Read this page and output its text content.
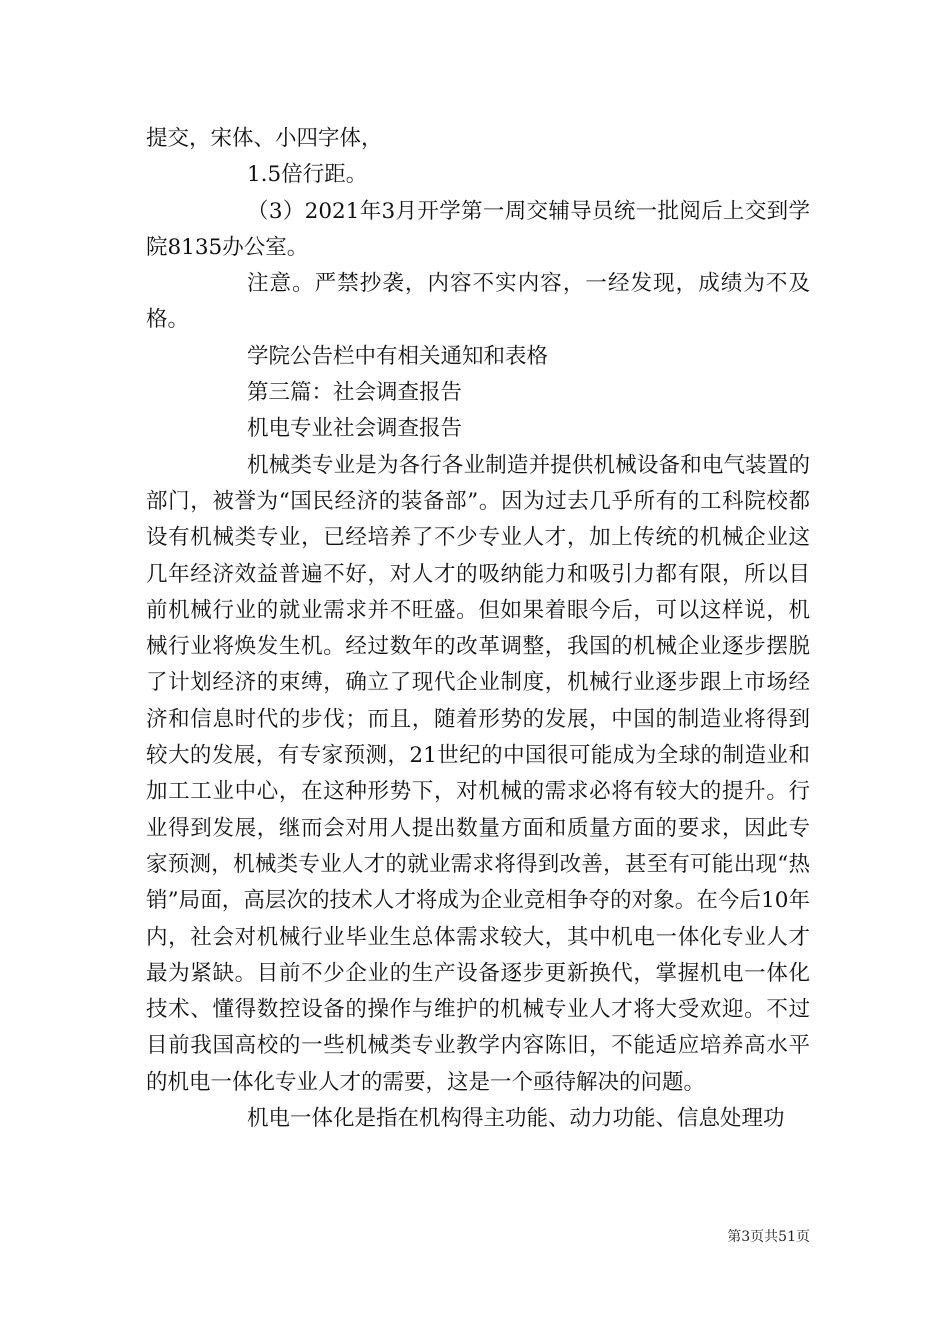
提交，宋体、小四字体，

1.5倍行距。

（3）2021年3月开学第一周交辅导员统一批阅后上交到学院8135办公室。

注意。严禁抄袭，内容不实内容，一经发现，成绩为不及格。

学院公告栏中有相关通知和表格

第三篇：社会调查报告

机电专业社会调查报告

机械类专业是为各行各业制造并提供机械设备和电气装置的部门，被誉为“国民经济的装备部”。因为过去几乎所有的工科院校都设有机械类专业，已经培养了不少专业人才，加上传统的机械企业这几年经济效益普遍不好，对人才的吸纳能力和吸引力都有限，所以目前机械行业的就业需求并不旺盛。但如果着眼今后，可以这样说，机械行业将焕发生机。经过数年的改革调整，我国的机械企业逐步摆脱了计划经济的束缚，确立了现代企业制度，机械行业逐步跟上市场经济和信息时代的步伐；而且，随着形势的发展，中国的制造业将得到较大的发展，有专家预测，21世纪的中国很可能成为全球的制造业和加工工业中心，在这种形势下，对机械的需求必将有较大的提升。行业得到发展，继而会对用人提出数量方面和质量方面的要求，因此专家预测，机械类专业人才的就业需求将得到改善，甚至有可能出现“热销”局面，高层次的技术人才将成为企业竞相争夺的对象。在今后10年内，社会对机械行业毕业生总体需求较大，其中机电一体化专业人才最为紧缺。目前不少企业的生产设备逐步更新换代，掌握机电一体化技术、懂得数控设备的操作与维护的机械专业人才将大受欢迎。不过目前我国高校的一些机械类专业教学内容陈旧，不能适应培养高水平的机电一体化专业人才的需要，这是一个亟待解决的问题。

机电一体化是指在机构得主功能、动力功能、信息处理功

第3页共51页
